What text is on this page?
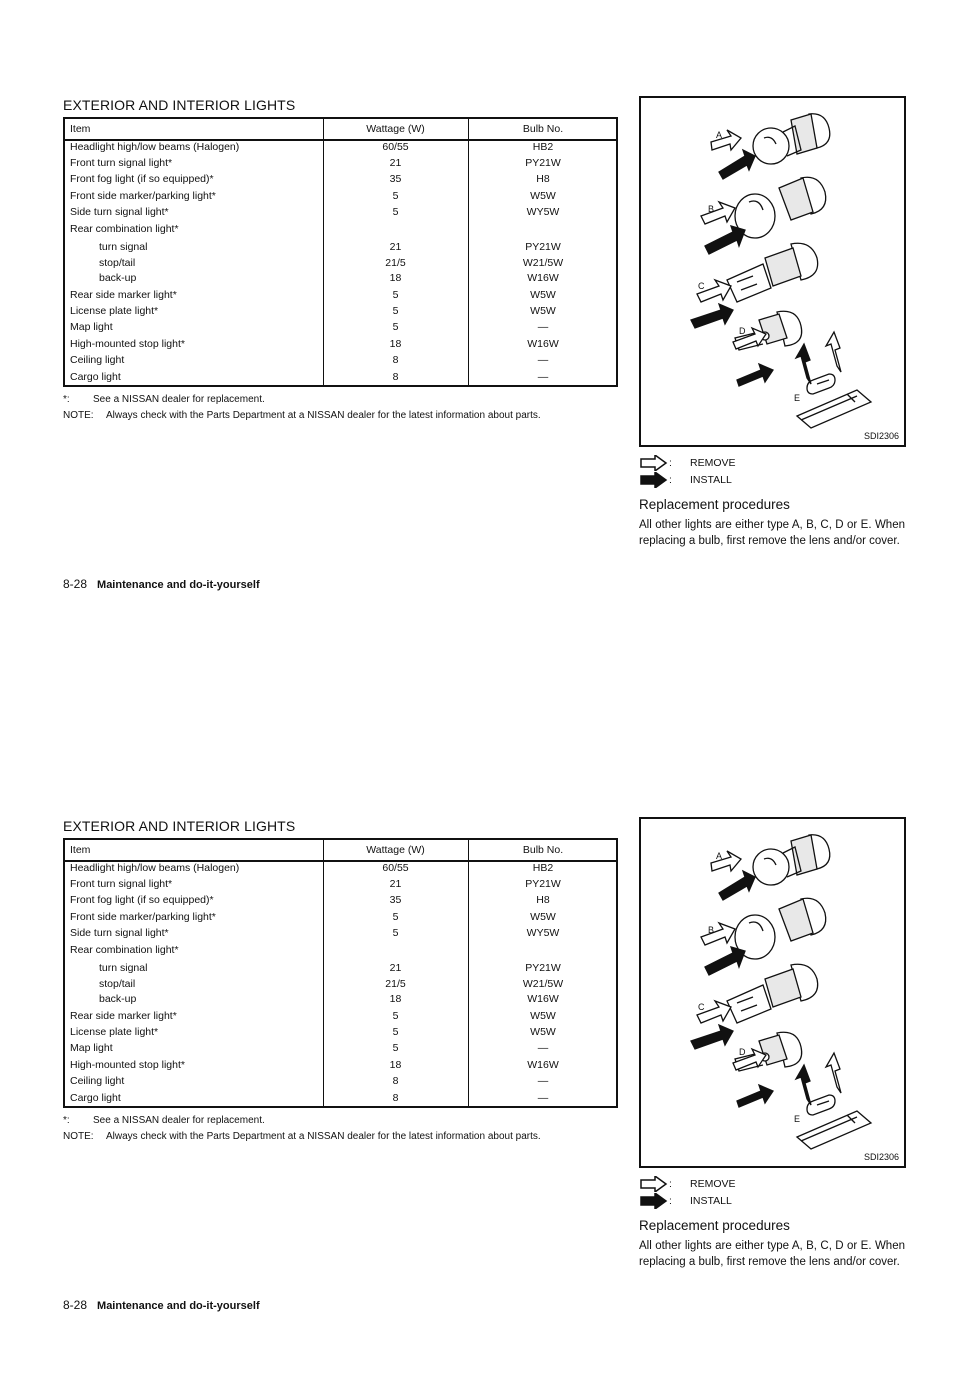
EXTERIOR AND INTERIOR LIGHTS
Item	Wattage (W)	Bulb No.
Headlight high/low beams (Halogen)	60/55	HB2
Front turn signal light*	21	PY21W
Front fog light (if so equipped)*	35	H8
Front side marker/parking light*	5	W5W
Side turn signal light*	5	WY5W
Rear combination light*
turn signal	21	PY21W
stop/tail	21/5	W21/5W
back-up	18	W16W
Rear side marker light*	5	W5W
License plate light*	5	W5W
Map light	5	—
High-mounted stop light*	18	W16W
Ceiling light	8	—
Cargo light	8	—
*: See a NISSAN dealer for replacement.
NOTE: Always check with the Parts Department at a NISSAN dealer for the latest information about parts.
A
B
C
D
E
SDI2306
: REMOVE
: INSTALL
Replacement procedures

All other lights are either type A, B, C, D or E. When replacing a bulb, first remove the lens and/or cover.

8-28 Maintenance and do-it-yourself
EXTERIOR AND INTERIOR LIGHTS
Item	Wattage (W)	Bulb No.
Headlight high/low beams (Halogen)	60/55	HB2
Front turn signal light*	21	PY21W
Front fog light (if so equipped)*	35	H8
Front side marker/parking light*	5	W5W
Side turn signal light*	5	WY5W
Rear combination light*
turn signal	21	PY21W
stop/tail	21/5	W21/5W
back-up	18	W16W
Rear side marker light*	5	W5W
License plate light*	5	W5W
Map light	5	—
High-mounted stop light*	18	W16W
Ceiling light	8	—
Cargo light	8	—
*: See a NISSAN dealer for replacement.
NOTE: Always check with the Parts Department at a NISSAN dealer for the latest information about parts.
A
B
C
D
E
SDI2306
: REMOVE
: INSTALL
Replacement procedures

All other lights are either type A, B, C, D or E. When replacing a bulb, first remove the lens and/or cover.

8-28 Maintenance and do-it-yourself
